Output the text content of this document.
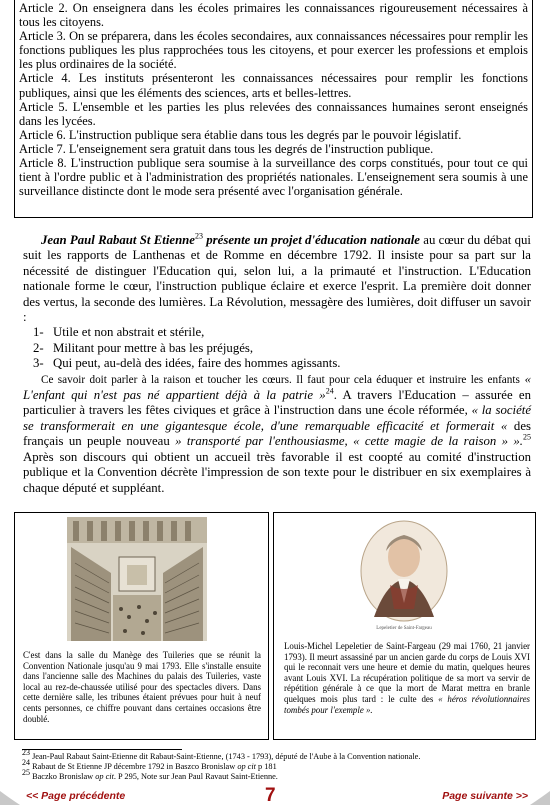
Article 2. On enseignera dans les écoles primaires les connaissances rigoureusement nécessaires à tous les citoyens.

Article 3. On se préparera, dans les écoles secondaires, aux connaissances nécessaires pour remplir les fonctions publiques les plus rapprochées tous les citoyens, et pour exercer les professions et emplois les plus ordinaires de la société.

Article 4. Les instituts présenteront les connaissances nécessaires pour remplir les fonctions publiques, ainsi que les éléments des sciences, arts et belles-lettres.

Article 5. L'ensemble et les parties les plus relevées des connaissances humaines seront enseignés dans les lycées.

Article 6. L'instruction publique sera établie dans tous les degrés par le pouvoir législatif.

Article 7. L'enseignement sera gratuit dans tous les degrés de l'instruction publique.

Article 8. L'instruction publique sera soumise à la surveillance des corps constitués, pour tout ce qui tient à l'ordre public et à l'administration des propriétés nationales. L'enseignement sera soumis à une surveillance distincte dont le mode sera présenté avec l'organisation générale.

Jean Paul Rabaut St Etienne$^{23}$ présente un projet d'éducation nationale au cœur du débat qui suit les rapports de Lanthenas et de Romme en décembre 1792. Il insiste pour sa part sur la nécessité de distinguer l'Education qui, selon lui, a la primauté et l'instruction. L'Education nationale forme le cœur, l'instruction publique éclaire et exerce l'esprit. La première doit donner des vertus, la seconde des lumières. La Révolution, messagère des lumières, doit diffuser un savoir :

1- Utile et non abstrait et stérile,
2- Militant pour mettre à bas les préjugés,
3- Qui peut, au-delà des idées, faire des hommes agissants.

Ce savoir doit parler à la raison et toucher les cœurs. Il faut pour cela éduquer et instruire les enfants « L'enfant qui n'est pas né appartient déjà à la patrie »$^{24}$. A travers l'Education – assurée en particulier à travers les fêtes civiques et grâce à l'instruction dans une école réformée, « la société se transformerait en une gigantesque école, d'une remarquable efficacité et formerait « des français un peuple nouveau » transporté par l'enthousiasme, « cette magie de la raison » ».$^{25}$ Après son discours qui obtient un accueil très favorable il est coopté au comité d'instruction publique et la Convention décrète l'impression de son texte pour le distribuer en six exemplaires à chaque député et suppléant.

C'est dans la salle du Manège des Tuileries que se réunit la Convention Nationale jusqu'au 9 mai 1793. Elle s'installe ensuite dans l'ancienne salle des Machines du palais des Tuileries, vaste local au rez-de-chaussée utilisé pour des spectacles divers. Dans cette dernière salle, les tribunes étaient prévues pour huit à neuf cents personnes, ce chiffre pouvant dans certaines occasions être doublé.
Lepeletier de Saint-Fargeau
Louis-Michel Lepeletier de Saint-Fargeau (29 mai 1760, 21 janvier 1793). Il meurt assassiné par un ancien garde du corps de Louis XVI qui le reconnait vers une heure et demie du matin, quelques heures avant Louis XVI. La récupération politique de sa mort va servir de répétition générale à ce que la mort de Marat mettra en branle quelques mois plus tard : le culte des « héros révolutionnaires tombés pour l'exemple ».
$^{23}$ Jean-Paul Rabaut Saint-Etienne dit Rabaut-Saint-Etienne, (1743 - 1793), député de l'Aube à la Convention nationale.
$^{24}$ Rabaut de St Etienne JP décembre 1792 in Baszco Bronislaw op cit p 181
$^{25}$ Baczko Bronislaw op cit. P 295, Note sur Jean Paul Ravaut Saint-Etienne.
<< Page précédente	7	Page suivante >>
